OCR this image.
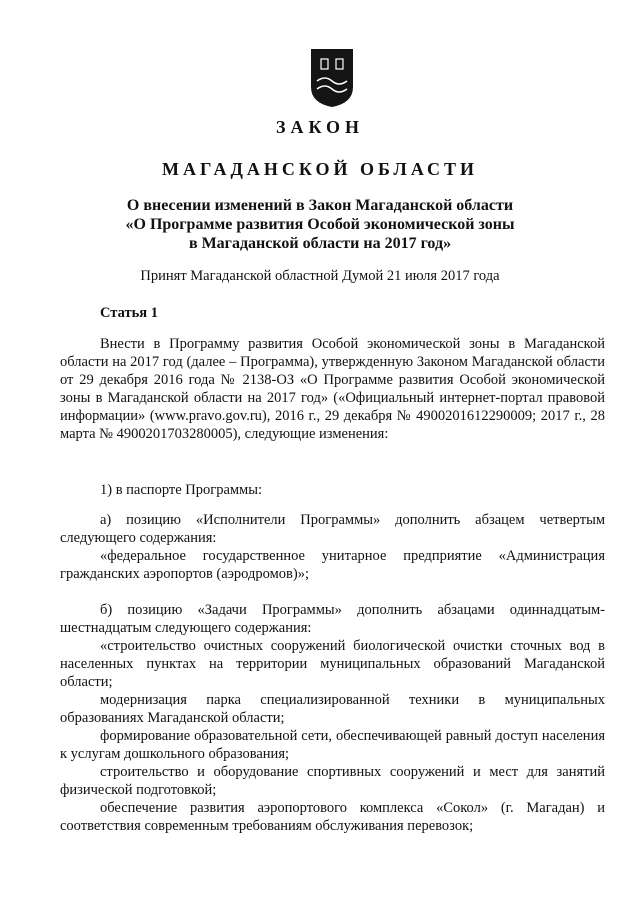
ЗАКОН
МАГАДАНСКОЙ ОБЛАСТИ
О внесении изменений в Закон Магаданской области
«О Программе развития Особой экономической зоны
в Магаданской области на 2017 год»
Принят Магаданской областной Думой 21 июля 2017 года
Статья 1

Внести в Программу развития Особой экономической зоны в Магаданской области на 2017 год (далее – Программа), утвержденную Законом Магаданской области от 29 декабря 2016 года № 2138-ОЗ «О Программе развития Особой экономической зоны в Магаданской области на 2017 год» («Официальный интернет-портал правовой информации» (www.pravo.gov.ru), 2016 г., 29 декабря № 4900201612290009; 2017 г., 28 марта № 4900201703280005), следующие изменения:

1) в паспорте Программы:

а) позицию «Исполнители Программы» дополнить абзацем четвертым следующего содержания:

«федеральное государственное унитарное предприятие «Администрация гражданских аэропортов (аэродромов)»;

б) позицию «Задачи Программы» дополнить абзацами одиннадцатым-шестнадцатым следующего содержания:

«строительство очистных сооружений биологической очистки сточных вод в населенных пунктах на территории муниципальных образований Магаданской области;

модернизация парка специализированной техники в муниципальных образованиях Магаданской области;

формирование образовательной сети, обеспечивающей равный доступ населения к услугам дошкольного образования;

строительство и оборудование спортивных сооружений и мест для занятий физической подготовкой;

обеспечение развития аэропортового комплекса «Сокол» (г. Магадан) и соответствия современным требованиям обслуживания перевозок;
